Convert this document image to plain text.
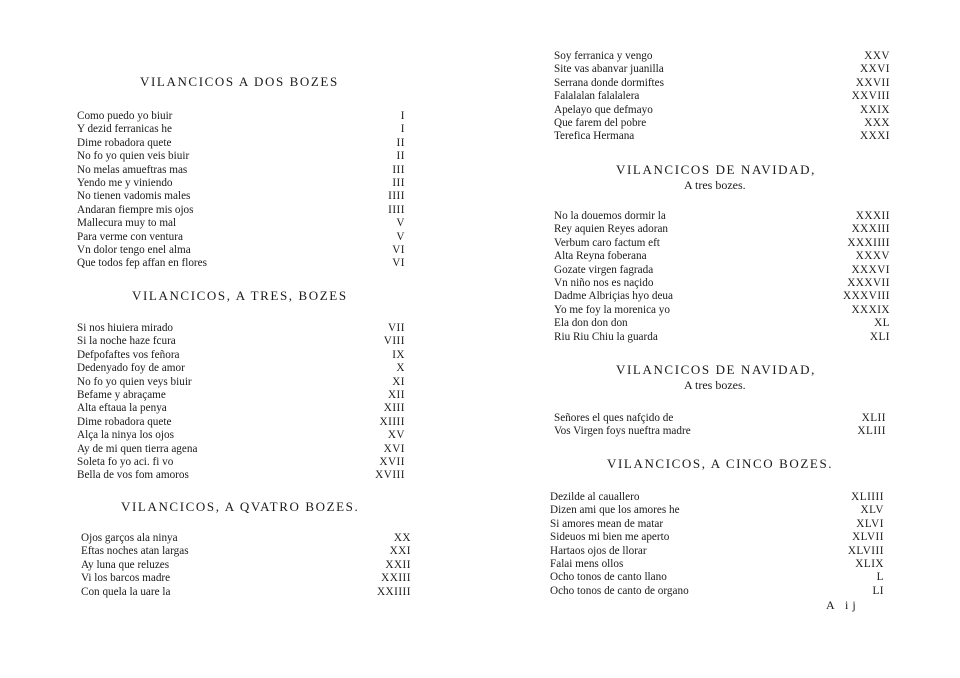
VILANCICOS A DOS BOZES
Como puedo yo biuir	I
Y dezid ferranicas he	I
Dime robadora quete	II
No fo yo quien veis biuir	II
No melas amueftras mas	III
Yendo me y viniendo	III
No tienen vadomis males	IIII
Andaran fiempre mis ojos	IIII
Mallecura muy to mal	V
Para verme con ventura	V
Vn dolor tengo enel alma	VI
Que todos fep affan en flores	VI
VILANCICOS, A TRES, BOZES
Si nos hiuiera mirado	VII
Si la noche haze fcura	VIII
Defpofaftes vos feñora	IX
Dedenyado foy de amor	X
No fo yo quien veys biuir	XI
Befame y abraçame	XII
Alta eftaua la penya	XIII
Dime robadora quete	XIIII
Alça la ninya los ojos	XV
Ay de mi quen tierra agena	XVI
Soleta fo yo aci. fi vo	XVII
Bella de vos fom amoros	XVIII
VILANCICOS, A QVATRO BOZES.
Ojos garços ala ninya	XX
Eftas noches atan largas	XXI
Ay luna que reluzes	XXII
Vi los barcos madre	XXIII
Con quela la uare la	XXIIII
Soy ferranica y vengo	XXV
Site vas abanvar juanilla	XXVI
Serrana donde dormiftes	XXVII
Falalalan falalalera	XXVIII
Apelayo que defmayo	XXIX
Que farem del pobre	XXX
Terefica Hermana	XXXI
VILANCICOS DE NAVIDAD,

A tres bozes.

No la douemos dormir la	XXXII
Rey aquien Reyes adoran	XXXIII
Verbum caro factum eft	XXXIIII
Alta Reyna foberana	XXXV
Gozate virgen fagrada	XXXVI
Vn niño nos es naçido	XXXVII
Dadme Albriçias hyo deua	XXXVIII
Yo me foy la morenica yo	XXXIX
Ela don don don	XL
Riu Riu Chiu la guarda	XLI
VILANCICOS DE NAVIDAD,

A tres bozes.

Señores el ques nafçido de	XLII
Vos Virgen foys nueftra madre	XLIII
VILANCICOS, A CINCO BOZES.
Dezilde al cauallero	XLIIII
Dizen ami que los amores he	XLV
Si amores mean de matar	XLVI
Sideuos mi bien me aperto	XLVII
Hartaos ojos de llorar	XLVIII
Falai mens ollos	XLIX
Ocho tonos de canto llano	L
Ocho tonos de canto de organo	LI
A ij
